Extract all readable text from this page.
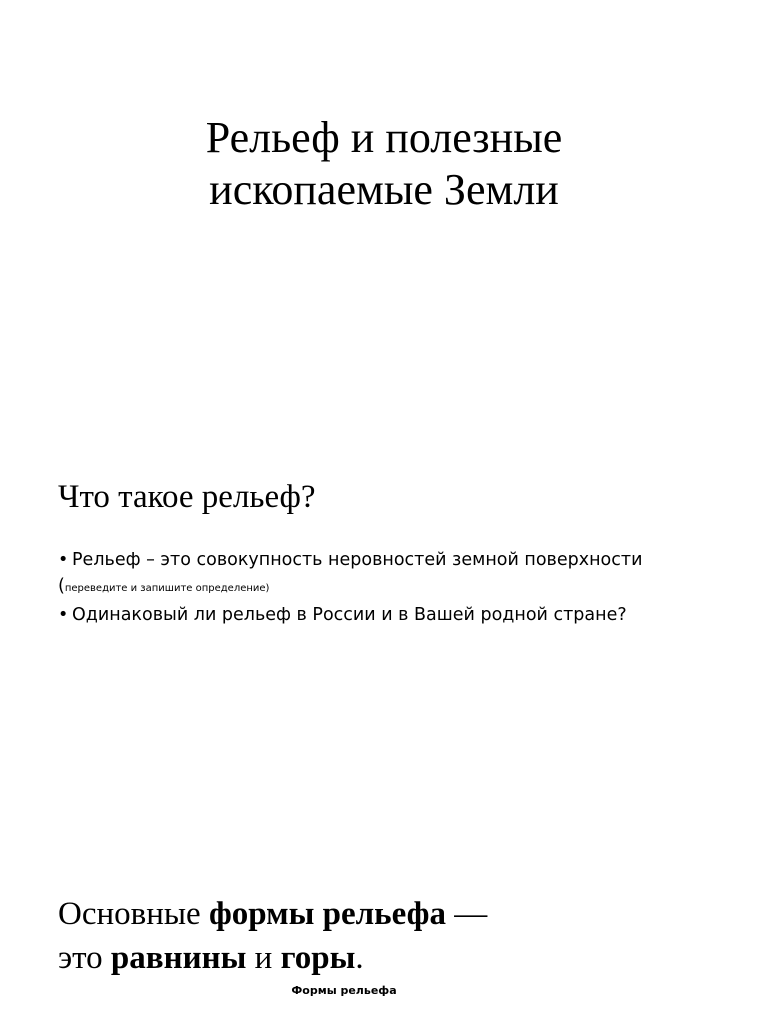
Рельеф и полезные
ископаемые Земли
Что такое рельеф?
• Рельеф – это совокупность неровностей земной поверхности
(переведите и запишите определение)
• Одинаковый ли рельеф в России и в Вашей родной стране?

Основные формы рельефа —
это равнины и горы.

Формы рельефа
